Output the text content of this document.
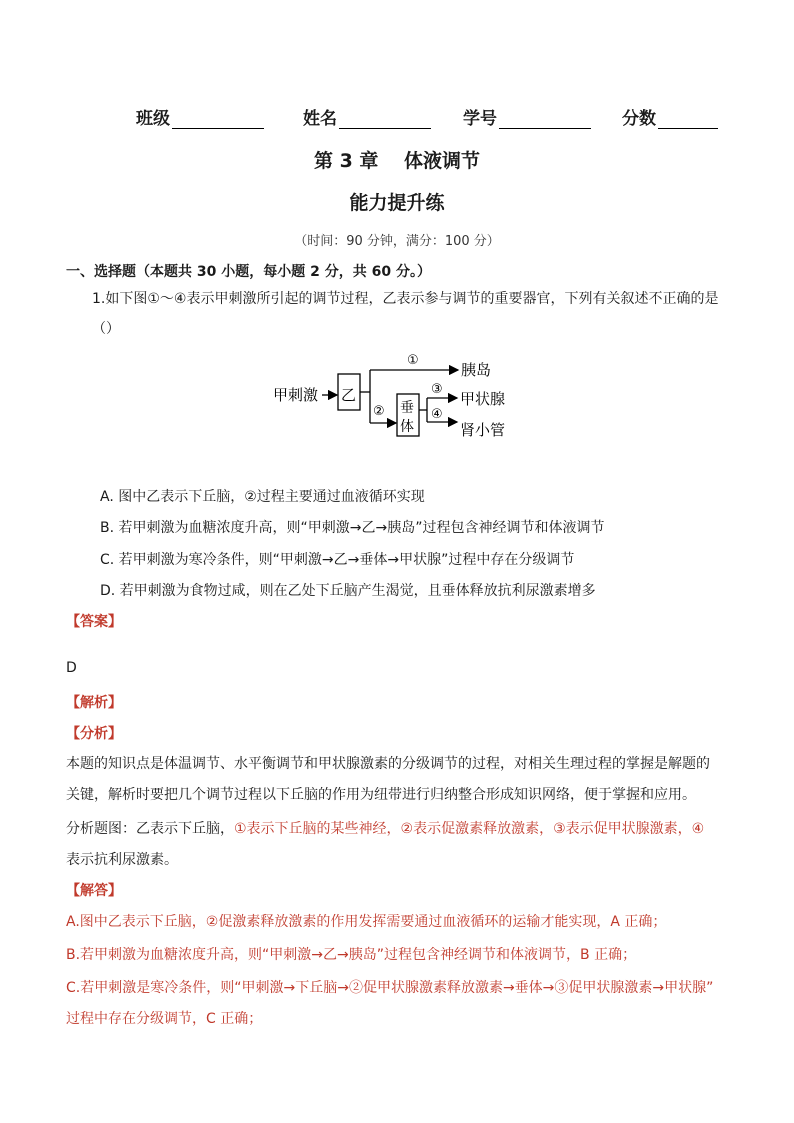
班级	姓名	学号	分数
第 3 章　 体液调节
能力提升练
（时间：90 分钟，满分：100 分）
一、选择题（本题共 30 小题，每小题 2 分，共 60 分。）
1.如下图①～④表示甲刺激所引起的调节过程，乙表示参与调节的重要器官，下列有关叙述不正确的是
（）
甲刺激 乙
①
胰岛
② 垂
体
③
甲状腺
④
肾小管
A. 图中乙表示下丘脑，②过程主要通过血液循环实现
B. 若甲刺激为血糖浓度升高，则“甲刺激→乙→胰岛”过程包含神经调节和体液调节
C. 若甲刺激为寒冷条件，则“甲刺激→乙→垂体→甲状腺”过程中存在分级调节
D. 若甲刺激为食物过咸，则在乙处下丘脑产生渴觉，且垂体释放抗利尿激素增多
【答案】
D
【解析】
【分析】
本题的知识点是体温调节、水平衡调节和甲状腺激素的分级调节的过程，对相关生理过程的掌握是解题的
关键，解析时要把几个调节过程以下丘脑的作用为纽带进行归纳整合形成知识网络，便于掌握和应用。
分析题图：乙表示下丘脑，①表示下丘脑的某些神经，②表示促激素释放激素，③表示促甲状腺激素，④
表示抗利尿激素。
【解答】
A.图中乙表示下丘脑，②促激素释放激素的作用发挥需要通过血液循环的运输才能实现，A 正确；
B.若甲刺激为血糖浓度升高，则“甲刺激→乙→胰岛”过程包含神经调节和体液调节，B 正确；
C.若甲刺激是寒冷条件，则“甲刺激→下丘脑→②促甲状腺激素释放激素→垂体→③促甲状腺激素→甲状腺”
过程中存在分级调节，C 正确；
